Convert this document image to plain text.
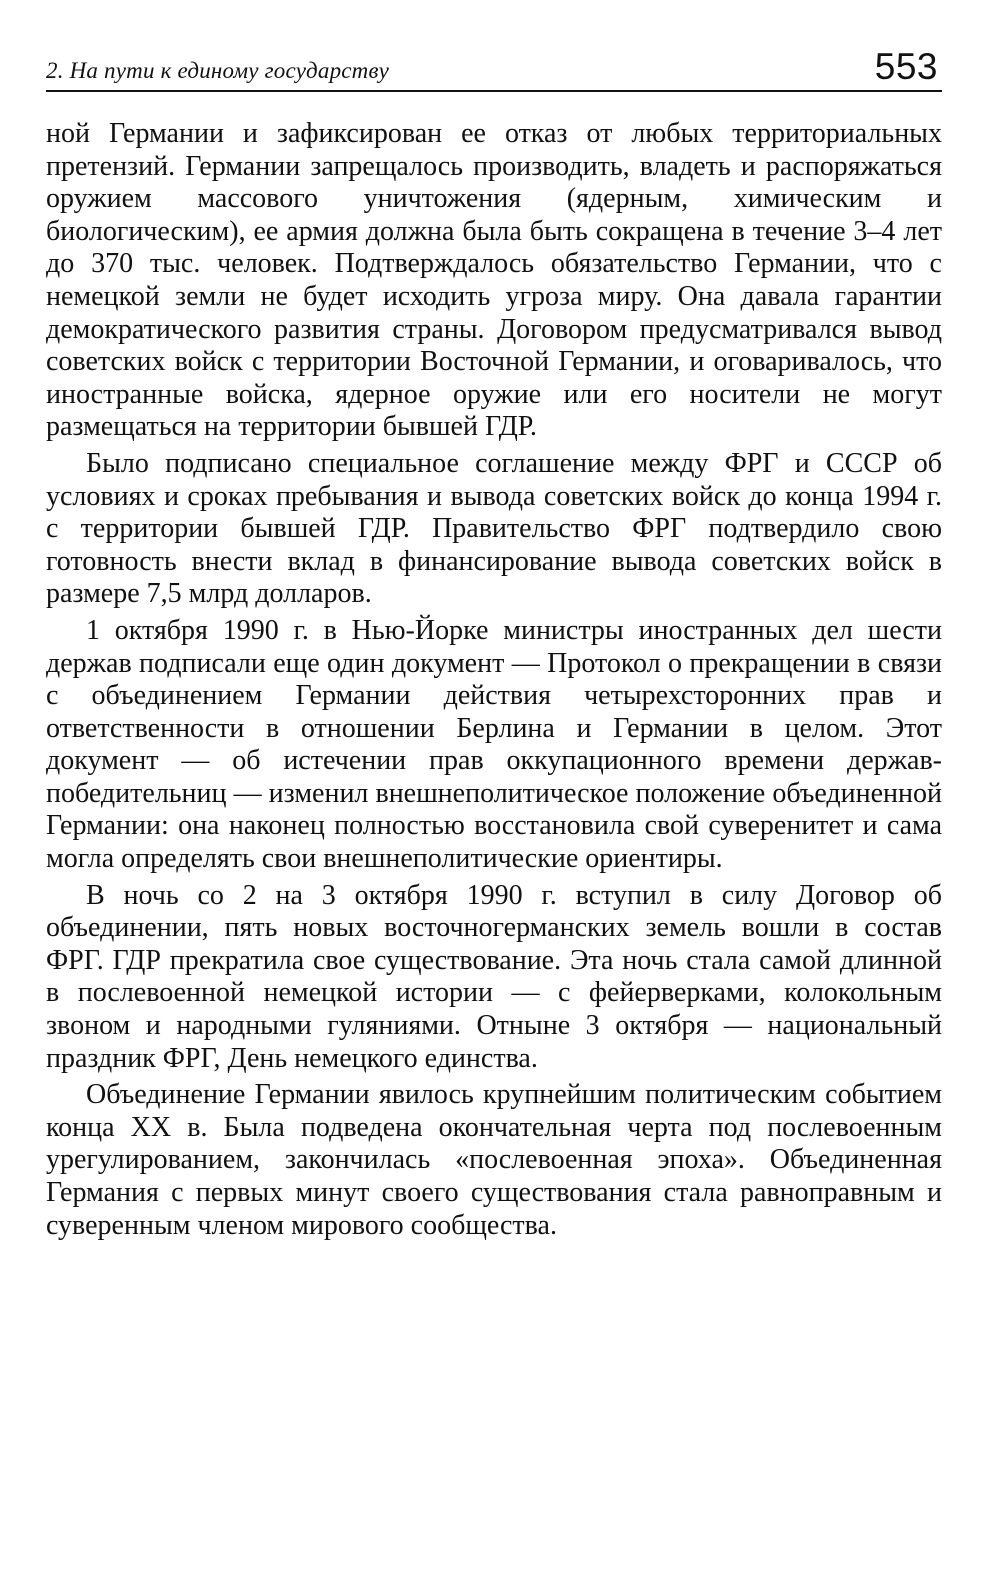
2. На пути к единому государству	553

ной Германии и зафиксирован ее отказ от любых территориальных претензий. Германии запрещалось производить, владеть и распоряжаться оружием массового уничтожения (ядерным, химическим и биологическим), ее армия должна была быть сокращена в течение 3–4 лет до 370 тыс. человек. Подтверждалось обязательство Германии, что с немецкой земли не будет исходить угроза миру. Она давала гарантии демократического развития страны. Договором предусматривался вывод советских войск с территории Восточной Германии, и оговаривалось, что иностранные войска, ядерное оружие или его носители не могут размещаться на территории бывшей ГДР.

Было подписано специальное соглашение между ФРГ и СССР об условиях и сроках пребывания и вывода советских войск до конца 1994 г. с территории бывшей ГДР. Правительство ФРГ подтвердило свою готовность внести вклад в финансирование вывода советских войск в размере 7,5 млрд долларов.

1 октября 1990 г. в Нью-Йорке министры иностранных дел шести держав подписали еще один документ — Протокол о прекращении в связи с объединением Германии действия четырехсторонних прав и ответственности в отношении Берлина и Германии в целом. Этот документ — об истечении прав оккупационного времени держав-победительниц — изменил внешнеполитическое положение объединенной Германии: она наконец полностью восстановила свой суверенитет и сама могла определять свои внешнеполитические ориентиры.

В ночь со 2 на 3 октября 1990 г. вступил в силу Договор об объединении, пять новых восточногерманских земель вошли в состав ФРГ. ГДР прекратила свое существование. Эта ночь стала самой длинной в послевоенной немецкой истории — с фейерверками, колокольным звоном и народными гуляниями. Отныне 3 октября — национальный праздник ФРГ, День немецкого единства.

Объединение Германии явилось крупнейшим политическим событием конца XX в. Была подведена окончательная черта под послевоенным урегулированием, закончилась «послевоенная эпоха». Объединенная Германия с первых минут своего существования стала равноправным и суверенным членом мирового сообщества.
